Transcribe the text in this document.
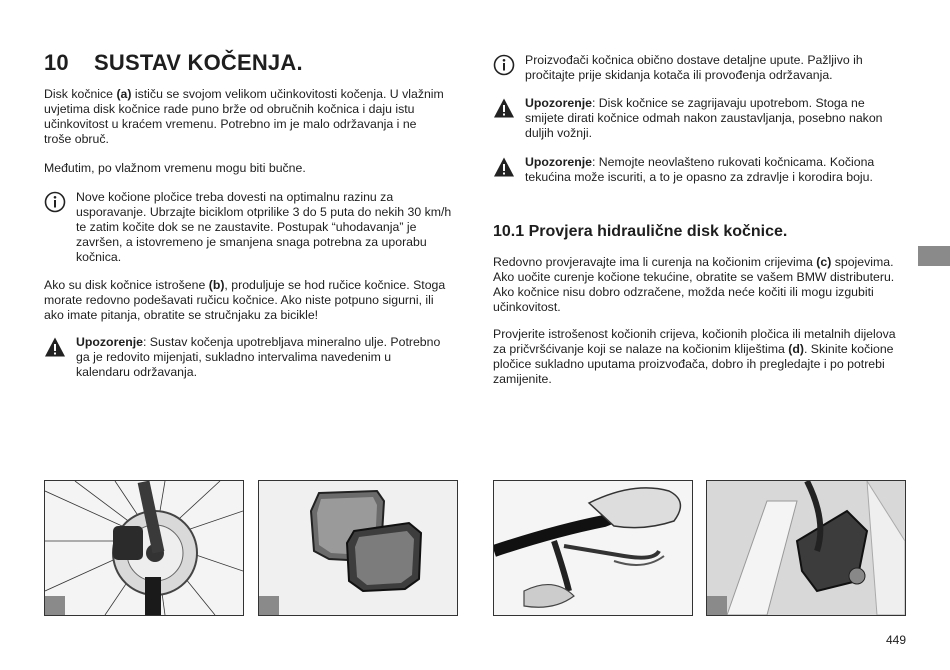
10 SUSTAV KOČENJA.
Disk kočnice (a) ističu se svojom velikom učinkovitosti kočenja. U vlažnim uvjetima disk kočnice rade puno brže od obručnih kočnica i daju istu učinkovitost u kraćem vremenu. Potrebno im je malo održavanja i ne troše obruč.
Međutim, po vlažnom vremenu mogu biti bučne.
Nove kočione pločice treba dovesti na optimalnu razinu za usporavanje. Ubrzajte biciklom otprilike 3 do 5 puta do nekih 30 km/h te zatim kočite dok se ne zaustavite. Postupak “uhodavanja” je završen, a istovremeno je smanjena snaga potrebna za uporabu kočnica.
Ako su disk kočnice istrošene (b), produljuje se hod ručice kočnice. Stoga morate redovno podešavati ručicu kočnice. Ako niste potpuno sigurni, ili ako imate pitanja, obratite se stručnjaku za bicikle!
Upozorenje: Sustav kočenja upotrebljava mineralno ulje. Potrebno ga je redovito mijenjati, sukladno intervalima navedenim u kalendaru održavanja.
Proizvođači kočnica obično dostave detaljne upute. Pažljivo ih pročitajte prije skidanja kotača ili provođenja održavanja.
Upozorenje: Disk kočnice se zagrijavaju upotrebom. Stoga ne smijete dirati kočnice odmah nakon zaustavljanja, posebno nakon duljih vožnji.
Upozorenje: Nemojte neovlašteno rukovati kočnicama. Kočiona tekućina može iscuriti, a to je opasno za zdravlje i korodira boju.
10.1 Provjera hidraulične disk kočnice.
Redovno provjeravajte ima li curenja na kočionim crijevima (c) spojevima. Ako uočite curenje kočione tekućine, obratite se vašem BMW distributeru. Ako kočnice nisu dobro odzračene, možda neće kočiti ili mogu izgubiti učinkovitost.
Provjerite istrošenost kočionih crijeva, kočionih pločica ili metalnih dijelova za pričvršćivanje koji se nalaze na kočionim kliještima (d). Skinite kočione pločice sukladno uputama proizvođača, dobro ih pregledajte i po potrebi zamijenite.
449
